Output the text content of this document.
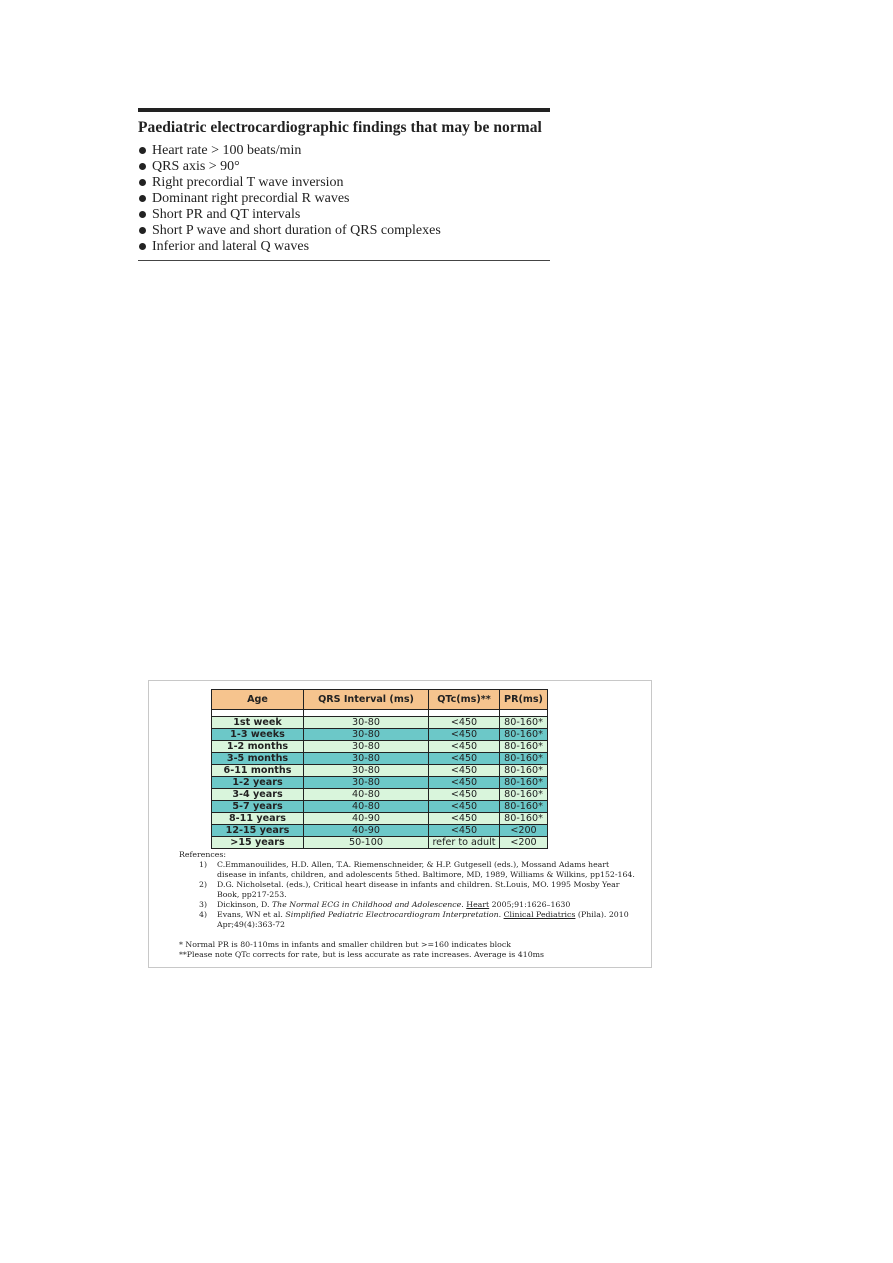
Paediatric electrocardiographic findings that may be normal
Heart rate > 100 beats/min
QRS axis > 90°
Right precordial T wave inversion
Dominant right precordial R waves
Short PR and QT intervals
Short P wave and short duration of QRS complexes
Inferior and lateral Q waves
Age	QRS Interval (ms)	QTc(ms)**	PR(ms)

1st week	30-80	<450	80-160*
1-3 weeks	30-80	<450	80-160*
1-2 months	30-80	<450	80-160*
3-5 months	30-80	<450	80-160*
6-11 months	30-80	<450	80-160*
1-2 years	30-80	<450	80-160*
3-4 years	40-80	<450	80-160*
5-7 years	40-80	<450	80-160*
8-11 years	40-90	<450	80-160*
12-15 years	40-90	<450	<200
>15 years	50-100	refer to adult	<200
References:
1) C.Emmanouilides, H.D. Allen, T.A. Riemenschneider, & H.P. Gutgesell (eds.), Mossand Adams heart disease in infants, children, and adolescents 5thed. Baltimore, MD, 1989, Williams & Wilkins, pp152-164.
2) D.G. Nicholsetal. (eds.), Critical heart disease in infants and children. St.Louis, MO. 1995 Mosby Year Book, pp217-253.
3) Dickinson, D. The Normal ECG in Childhood and Adolescence. Heart 2005;91:1626–1630
4) Evans, WN et al. Simplified Pediatric Electrocardiogram Interpretation. Clinical Pediatrics (Phila). 2010 Apr;49(4):363-72
* Normal PR is 80-110ms in infants and smaller children but >=160 indicates block
**Please note QTc corrects for rate, but is less accurate as rate increases. Average is 410ms
